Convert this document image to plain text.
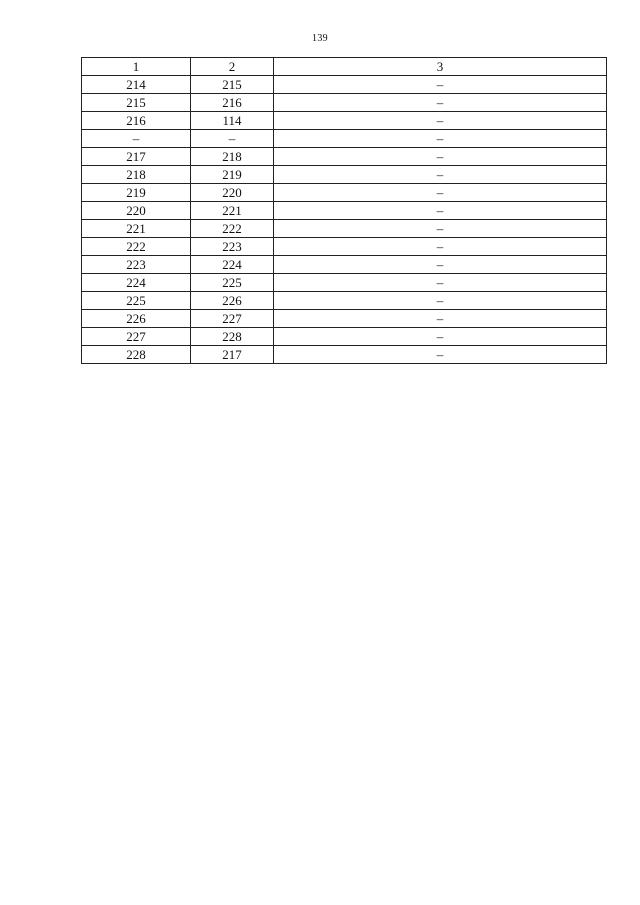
139
1	2	3
214	215	–
215	216	–
216	114	–
–	–	–
217	218	–
218	219	–
219	220	–
220	221	–
221	222	–
222	223	–
223	224	–
224	225	–
225	226	–
226	227	–
227	228	–
228	217	–
